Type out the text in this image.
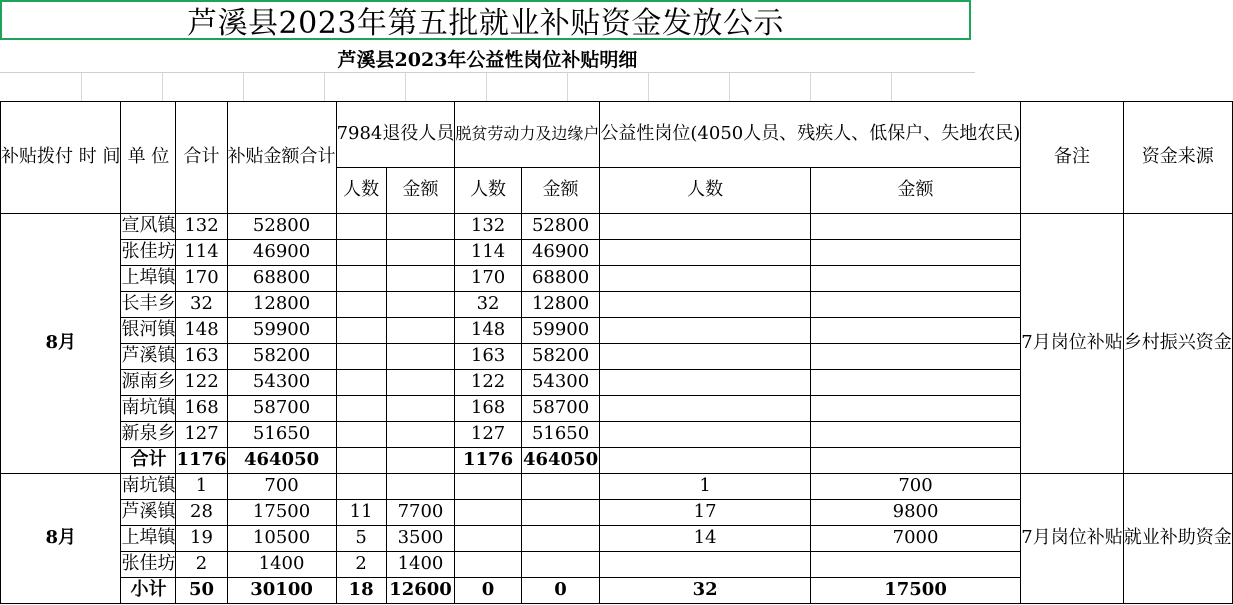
芦溪县2023年第五批就业补贴资金发放公示
芦溪县2023年公益性岗位补贴明细
补贴拨付 时 间	单 位	合计	补贴金额合计	7984退役人员		脱贫劳动力及边缘户		公益性岗位(4050人员、残疾人、低保户、失地农民)		备注	资金来源
				人数	金额	人数	金额	人数	金额		
8月	宣风镇	132	52800			132	52800			7月岗位补贴	乡村振兴资金
	张佳坊	114	46900			114	46900				
	上埠镇	170	68800			170	68800				
	长丰乡	32	12800			32	12800				
	银河镇	148	59900			148	59900				
	芦溪镇	163	58200			163	58200				
	源南乡	122	54300			122	54300				
	南坑镇	168	58700			168	58700				
	新泉乡	127	51650			127	51650				
	合计	1176	464050			1176	464050				
8月	南坑镇	1	700					1	700	7月岗位补贴	就业补助资金
	芦溪镇	28	17500	11	7700			17	9800		
	上埠镇	19	10500	5	3500			14	7000		
	张佳坊	2	1400	2	1400						
	小计	50	30100	18	12600	0	0	32	17500		
